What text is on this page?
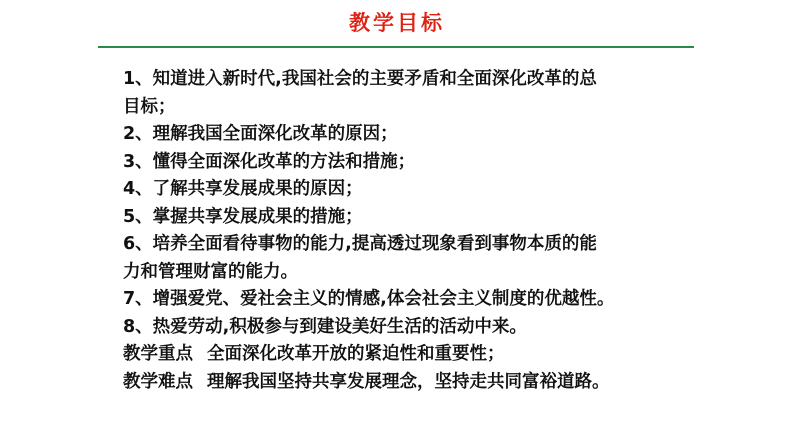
教学目标
1、知道进入新时代,我国社会的主要矛盾和全面深化改革的总
目标；
2、理解我国全面深化改革的原因；
3、懂得全面深化改革的方法和措施；
4、了解共享发展成果的原因；
5、掌握共享发展成果的措施；
6、培养全面看待事物的能力,提高透过现象看到事物本质的能
力和管理财富的能力。
7、增强爱党、爱社会主义的情感,体会社会主义制度的优越性。
8、热爱劳动,积极参与到建设美好生活的活动中来。
教学重点 全面深化改革开放的紧迫性和重要性；
教学难点 理解我国坚持共享发展理念，坚持走共同富裕道路。
